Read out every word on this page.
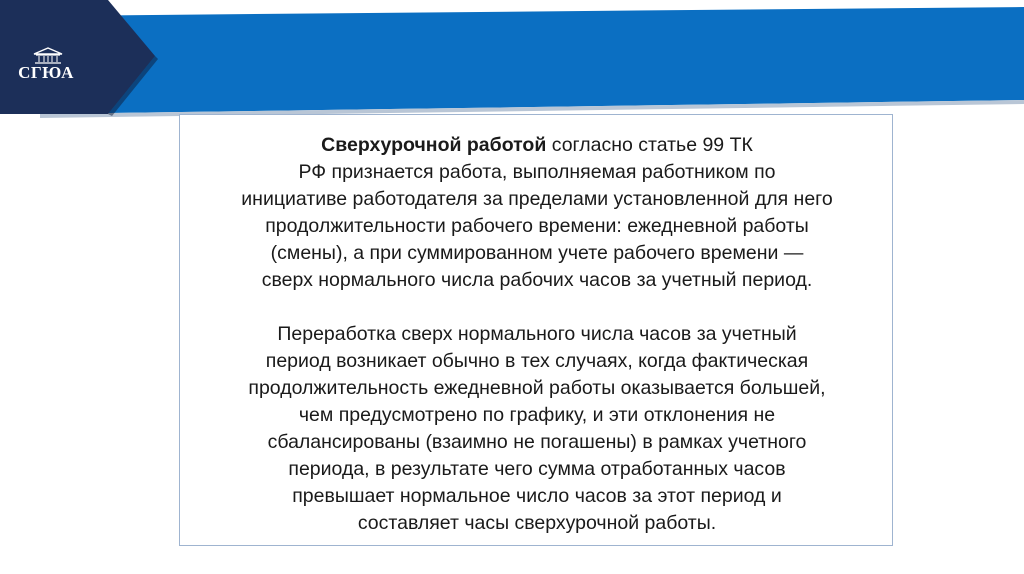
СГЮА
Сверхурочной работой согласно статье 99 ТК
РФ признается работа, выполняемая работником по
инициативе работодателя за пределами установленной для него
продолжительности рабочего времени: ежедневной работы
(смены), а при суммированном учете рабочего времени —
сверх нормального числа рабочих часов за учетный период.
Переработка сверх нормального числа часов за учетный
период возникает обычно в тех случаях, когда фактическая
продолжительность ежедневной работы оказывается большей,
чем предусмотрено по графику, и эти отклонения не
сбалансированы (взаимно не погашены) в рамках учетного
периода, в результате чего сумма отработанных часов
превышает нормальное число часов за этот период и
составляет часы сверхурочной работы.
